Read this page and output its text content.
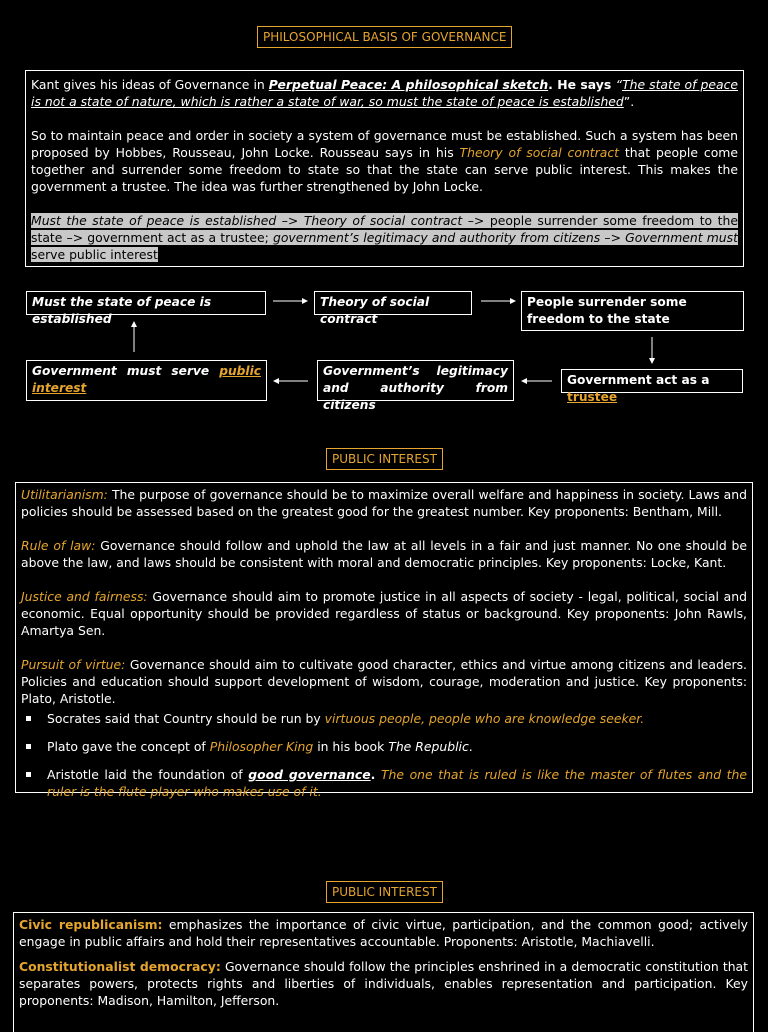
PHILOSOPHICAL BASIS OF GOVERNANCE

Kant gives his ideas of Governance in Perpetual Peace: A philosophical sketch. He says “The state of peace is not a state of nature, which is rather a state of war, so must the state of peace is established”.

So to maintain peace and order in society a system of governance must be established. Such a system has been proposed by Hobbes, Rousseau, John Locke. Rousseau says in his Theory of social contract that people come together and surrender some freedom to state so that the state can serve public interest. This makes the government a trustee. The idea was further strengthened by John Locke.

Must the state of peace is established –> Theory of social contract –> people surrender some freedom to the state –> government act as a trustee; government’s legitimacy and authority from citizens –> Government must serve public interest

Must the state of peace is established
Theory of social contract
People surrender some freedom to the state
Government act as a trustee
Government’s legitimacy and authority from citizens
Government must serve public interest
PUBLIC INTEREST

Utilitarianism: The purpose of governance should be to maximize overall welfare and happiness in society. Laws and policies should be assessed based on the greatest good for the greatest number. Key proponents: Bentham, Mill.

Rule of law: Governance should follow and uphold the law at all levels in a fair and just manner. No one should be above the law, and laws should be consistent with moral and democratic principles. Key proponents: Locke, Kant.

Justice and fairness: Governance should aim to promote justice in all aspects of society - legal, political, social and economic. Equal opportunity should be provided regardless of status or background. Key proponents: John Rawls, Amartya Sen.

Pursuit of virtue: Governance should aim to cultivate good character, ethics and virtue among citizens and leaders. Policies and education should support development of wisdom, courage, moderation and justice. Key proponents: Plato, Aristotle.

Socrates said that Country should be run by virtuous people, people who are knowledge seeker.
Plato gave the concept of Philosopher King in his book The Republic.
Aristotle laid the foundation of good governance. The one that is ruled is like the master of flutes and the ruler is the flute player who makes use of it.
PUBLIC INTEREST

Civic republicanism: emphasizes the importance of civic virtue, participation, and the common good; actively engage in public affairs and hold their representatives accountable. Proponents: Aristotle, Machiavelli.

Constitutionalist democracy: Governance should follow the principles enshrined in a democratic constitution that separates powers, protects rights and liberties of individuals, enables representation and participation. Key proponents: Madison, Hamilton, Jefferson.
